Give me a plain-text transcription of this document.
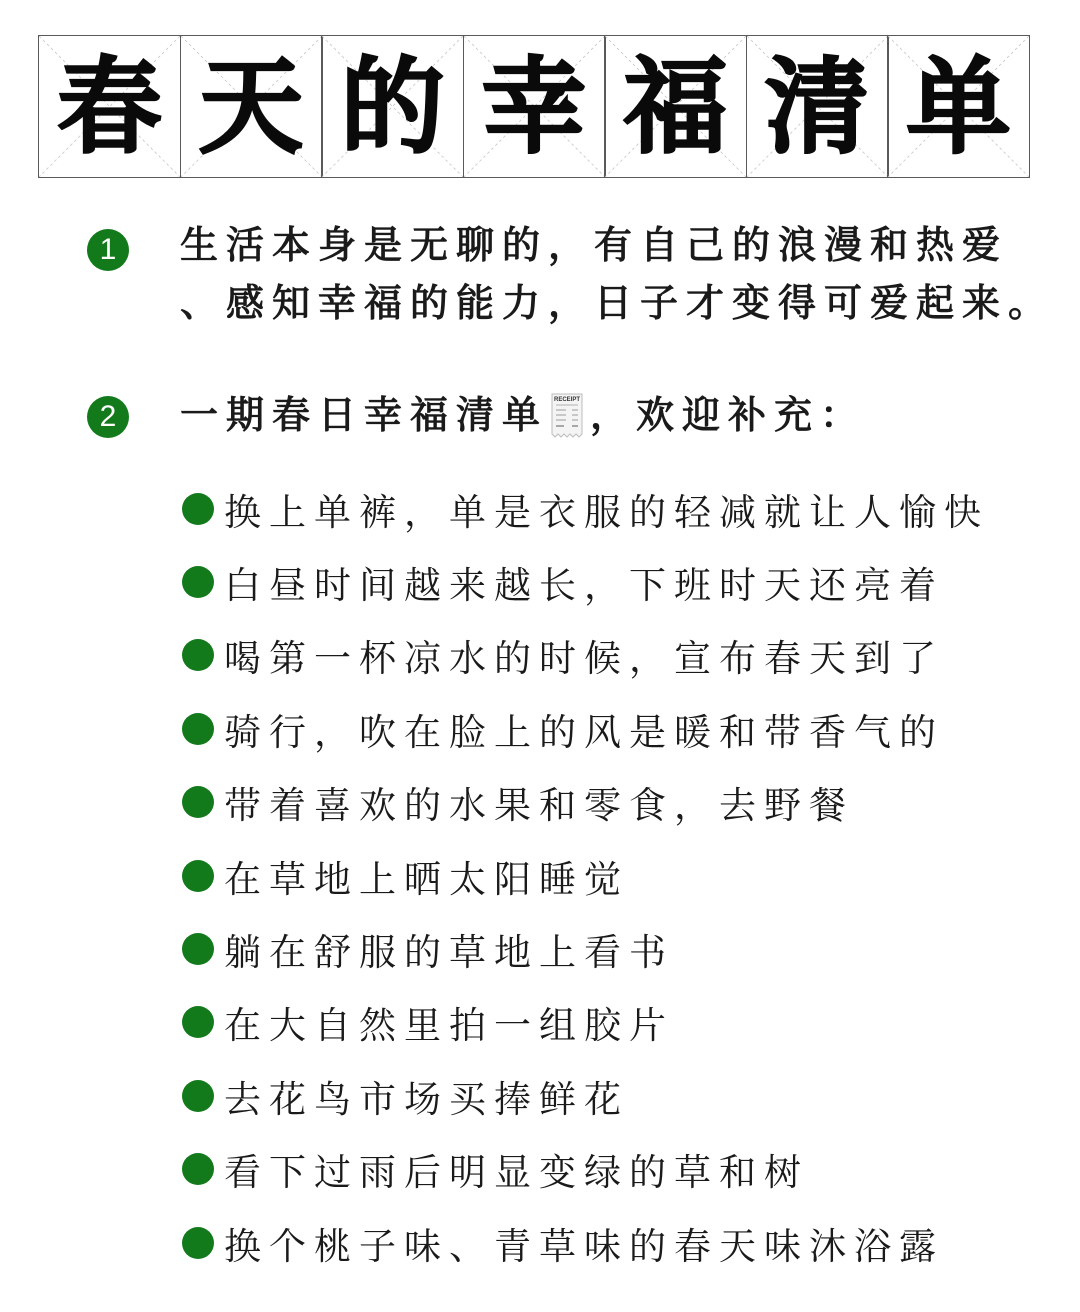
春 天 的 幸 福 清 单
1	生活本身是无聊的，有自己的浪漫和热爱
、感知幸福的能力，日子才变得可爱起来。

2	一期春日幸福清单 RECEIPT ，欢迎补充：
换上单裤，单是衣服的轻减就让人愉快
白昼时间越来越长，下班时天还亮着
喝第一杯凉水的时候，宣布春天到了
骑行，吹在脸上的风是暖和带香气的
带着喜欢的水果和零食，去野餐
在草地上晒太阳睡觉
躺在舒服的草地上看书
在大自然里拍一组胶片
去花鸟市场买捧鲜花
看下过雨后明显变绿的草和树
换个桃子味、青草味的春天味沐浴露
